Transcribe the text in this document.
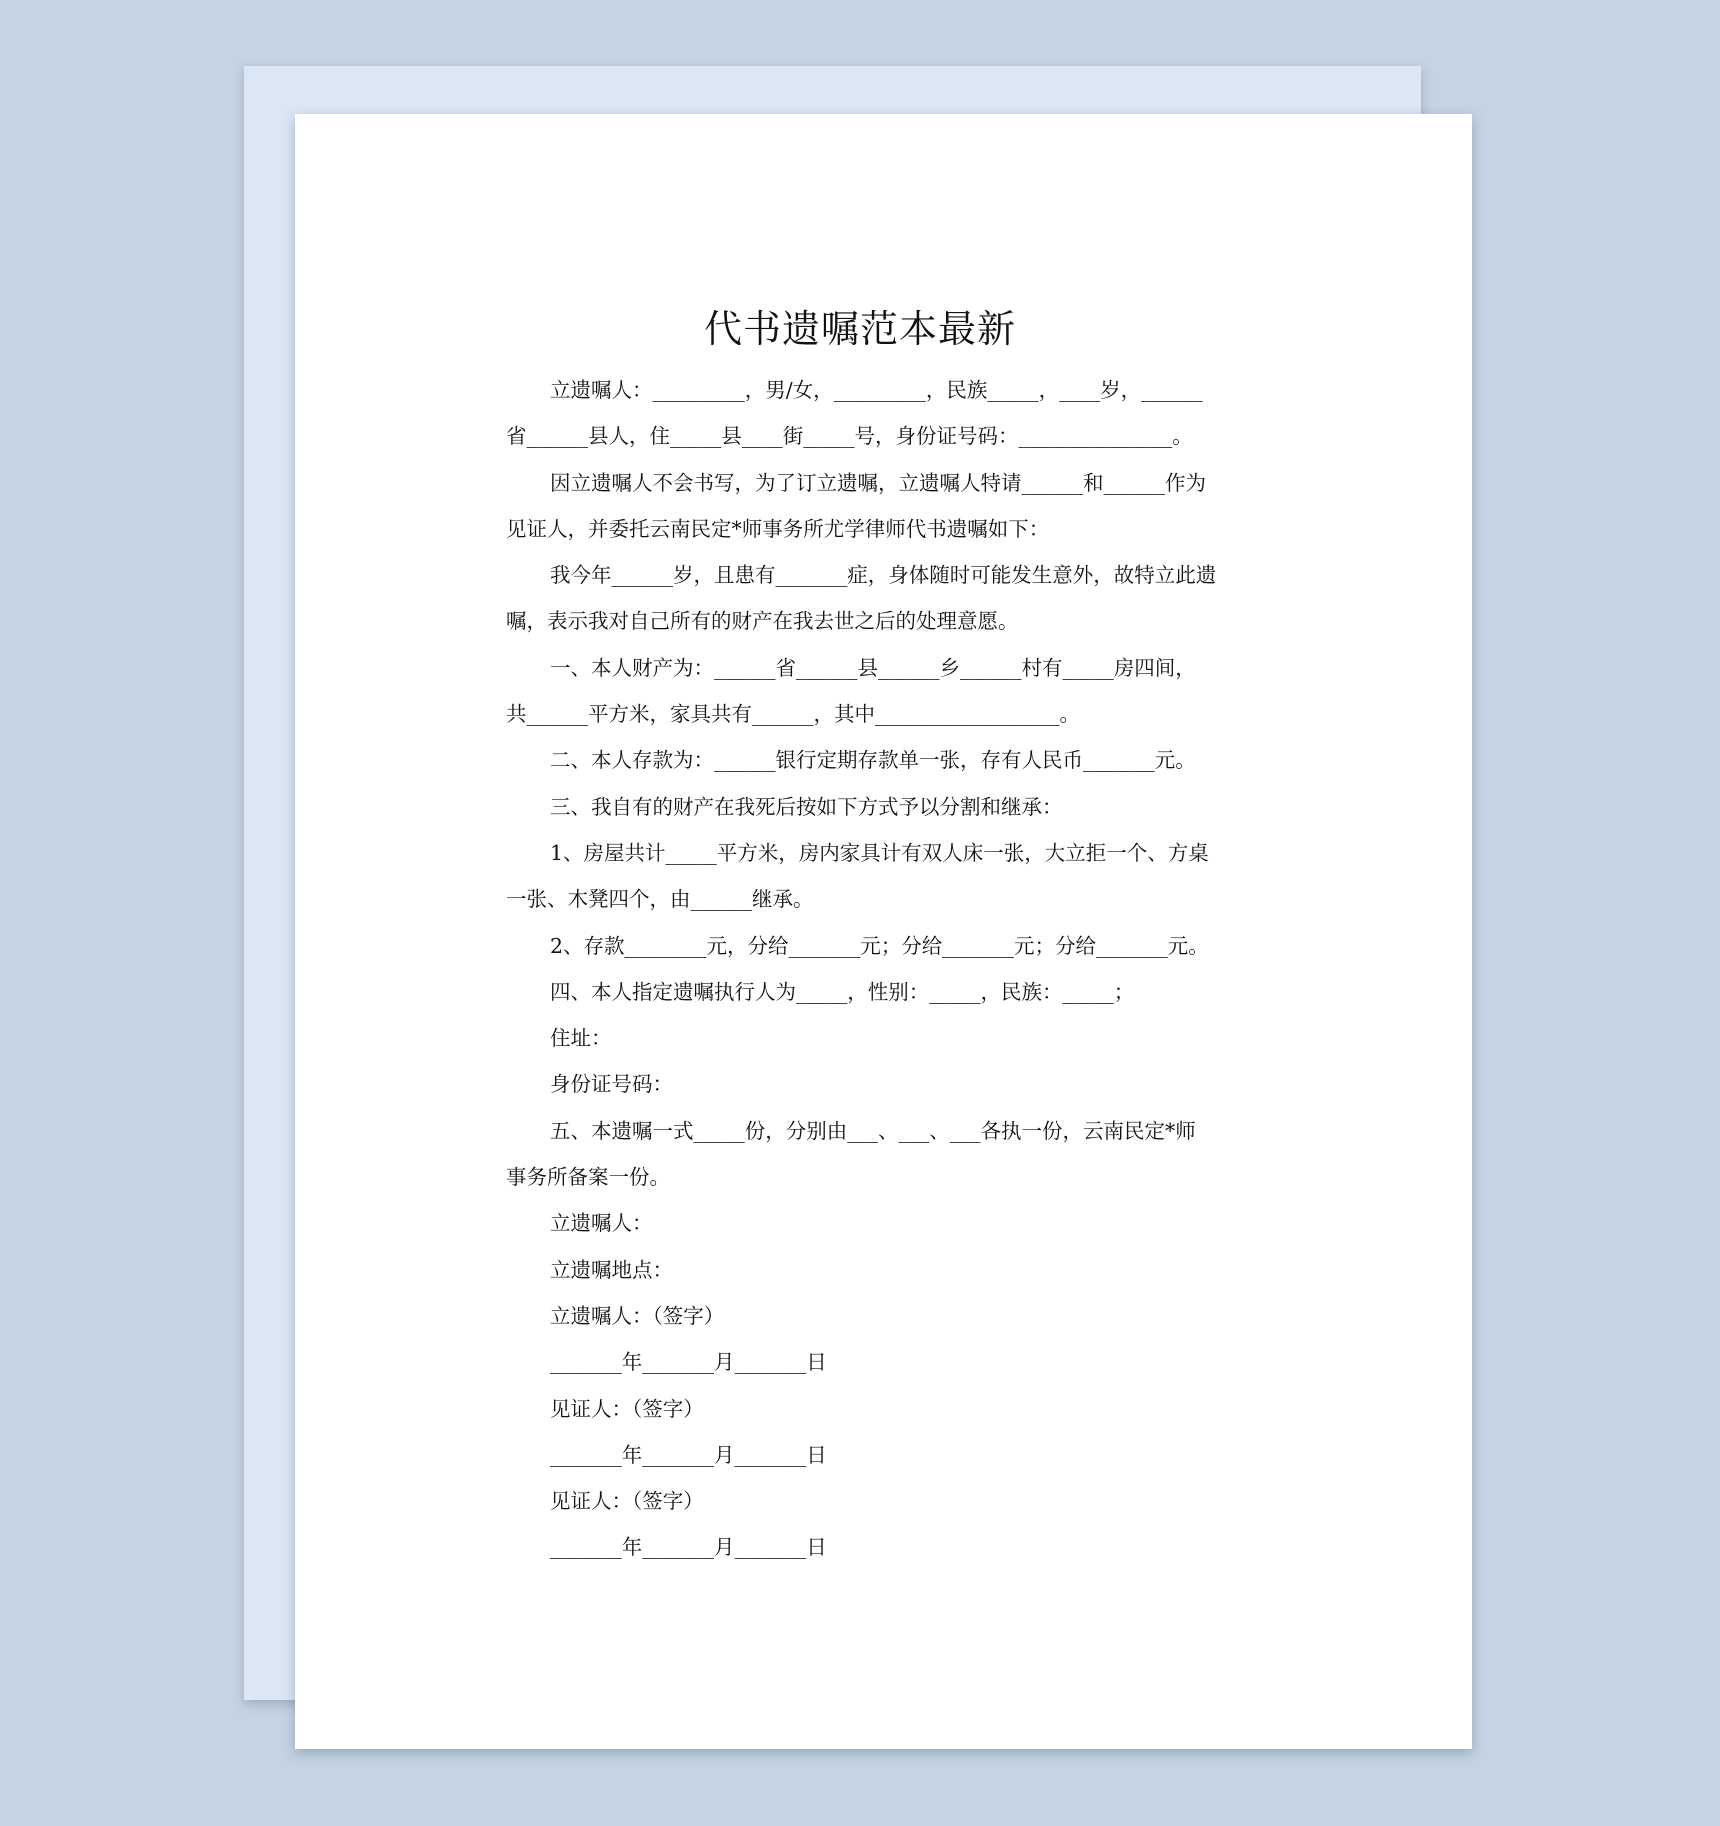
代书遗嘱范本最新
立遗嘱人：_________，男/女，_________，民族_____，____岁，______
省______县人，住_____县____街_____号，身份证号码：_______________。
因立遗嘱人不会书写，为了订立遗嘱，立遗嘱人特请______和______作为
见证人，并委托云南民定*师事务所尤学律师代书遗嘱如下：
我今年______岁，且患有_______症，身体随时可能发生意外，故特立此遗
嘱，表示我对自己所有的财产在我去世之后的处理意愿。
一、本人财产为：______省______县______乡______村有_____房四间，
共______平方米，家具共有______，其中__________________。
二、本人存款为：______银行定期存款单一张，存有人民币_______元。
三、我自有的财产在我死后按如下方式予以分割和继承：
1、房屋共计_____平方米，房内家具计有双人床一张，大立拒一个、方桌
一张、木凳四个，由______继承。
2、存款________元，分给_______元；分给_______元；分给_______元。
四、本人指定遗嘱执行人为_____，性别：_____，民族：_____；
住址：
身份证号码：
五、本遗嘱一式_____份，分别由___、___、___各执一份，云南民定*师
事务所备案一份。
立遗嘱人：
立遗嘱地点：
立遗嘱人：（签字）
_______年_______月_______日
见证人：（签字）
_______年_______月_______日
见证人：（签字）
_______年_______月_______日
